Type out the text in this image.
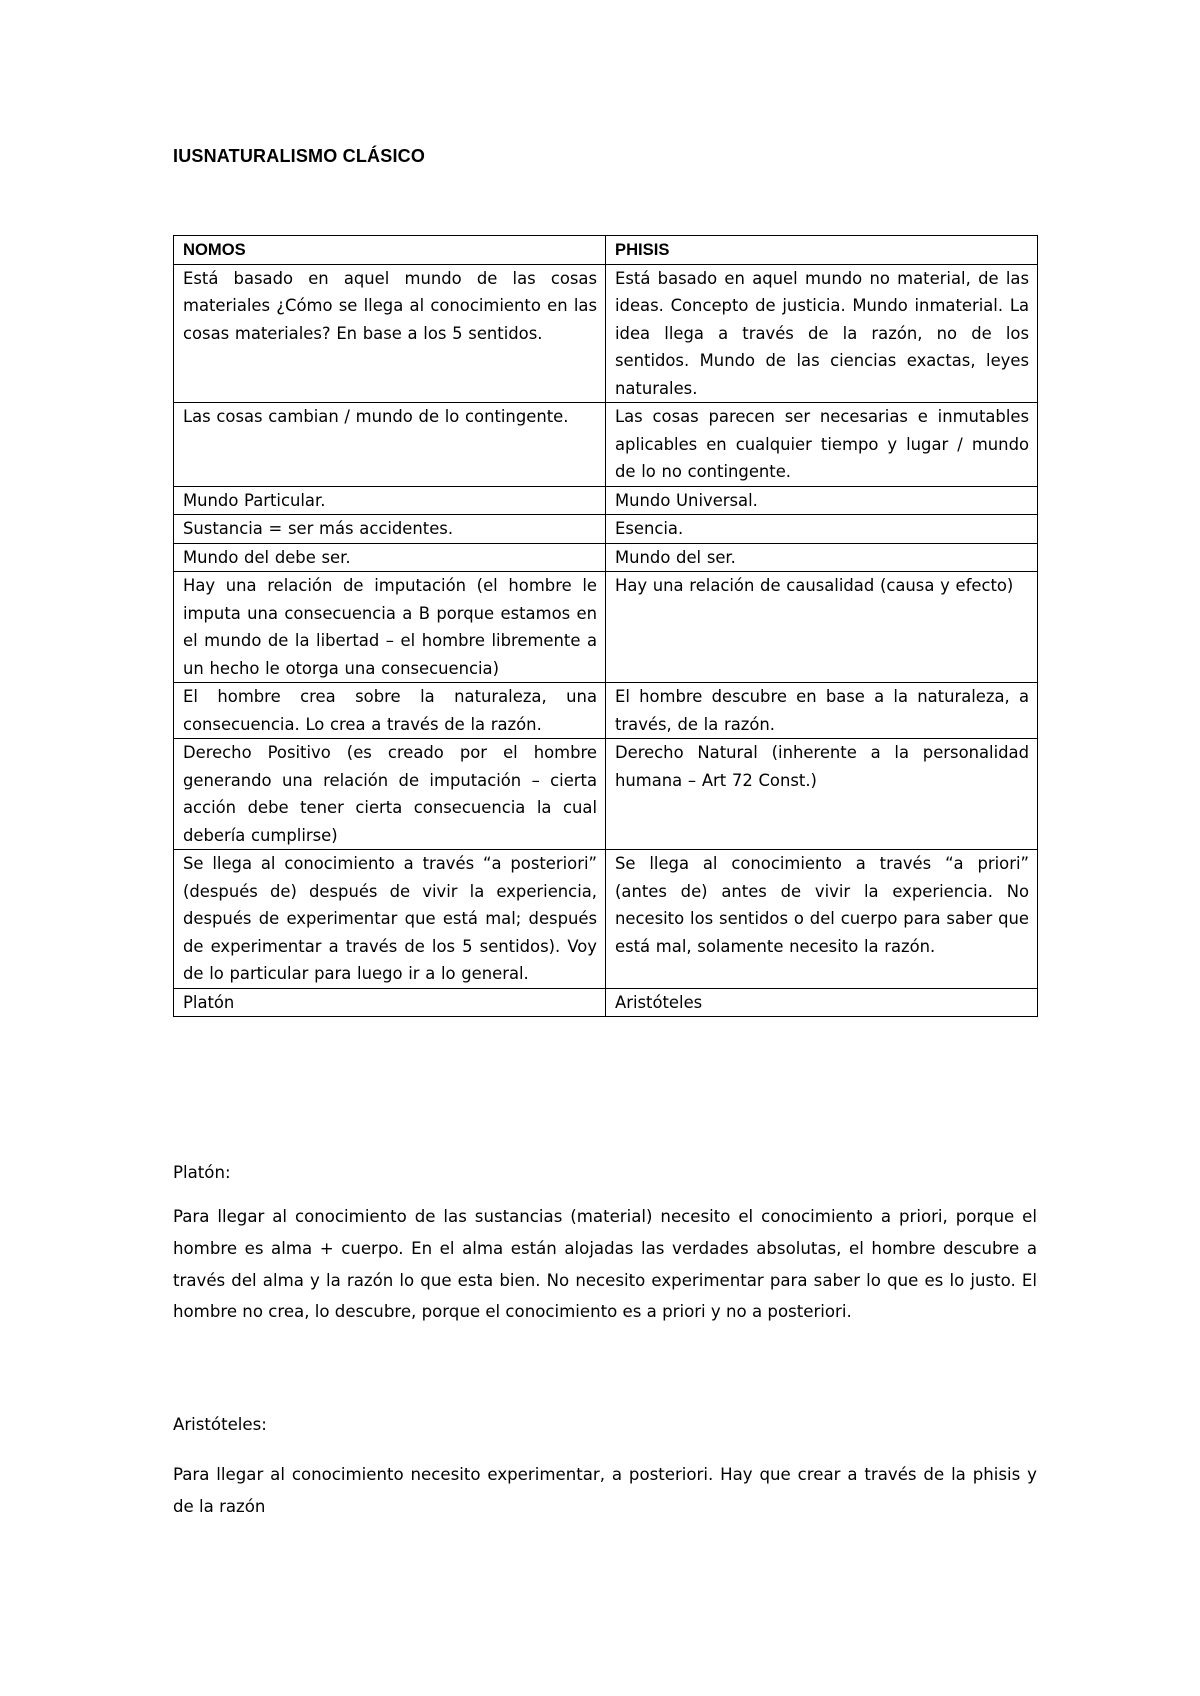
IUSNATURALISMO CLÁSICO
NOMOS	PHISIS
Está basado en aquel mundo de las cosas materiales ¿Cómo se llega al conocimiento en las cosas materiales? En base a los 5 sentidos.	Está basado en aquel mundo no material, de las ideas. Concepto de justicia. Mundo inmaterial. La idea llega a través de la razón, no de los sentidos. Mundo de las ciencias exactas, leyes naturales.
Las cosas cambian / mundo de lo contingente.	Las cosas parecen ser necesarias e inmutables aplicables en cualquier tiempo y lugar / mundo de lo no contingente.
Mundo Particular.	Mundo Universal.
Sustancia = ser más accidentes.	Esencia.
Mundo del debe ser.	Mundo del ser.
Hay una relación de imputación (el hombre le imputa una consecuencia a B porque estamos en el mundo de la libertad – el hombre libremente a un hecho le otorga una consecuencia)	Hay una relación de causalidad (causa y efecto)
El hombre crea sobre la naturaleza, una consecuencia. Lo crea a través de la razón.	El hombre descubre en base a la naturaleza, a través, de la razón.
Derecho Positivo (es creado por el hombre generando una relación de imputación – cierta acción debe tener cierta consecuencia la cual debería cumplirse)	Derecho Natural (inherente a la personalidad humana – Art 72 Const.)
Se llega al conocimiento a través “a posteriori” (después de) después de vivir la experiencia, después de experimentar que está mal; después de experimentar a través de los 5 sentidos). Voy de lo particular para luego ir a lo general.	Se llega al conocimiento a través “a priori” (antes de) antes de vivir la experiencia. No necesito los sentidos o del cuerpo para saber que está mal, solamente necesito la razón.
Platón	Aristóteles
Platón:
Para llegar al conocimiento de las sustancias (material) necesito el conocimiento a priori, porque el hombre es alma + cuerpo. En el alma están alojadas las verdades absolutas, el hombre descubre a través del alma y la razón lo que esta bien. No necesito experimentar para saber lo que es lo justo. El hombre no crea, lo descubre, porque el conocimiento es a priori y no a posteriori.
Aristóteles:
Para llegar al conocimiento necesito experimentar, a posteriori. Hay que crear a través de la phisis y de la razón
